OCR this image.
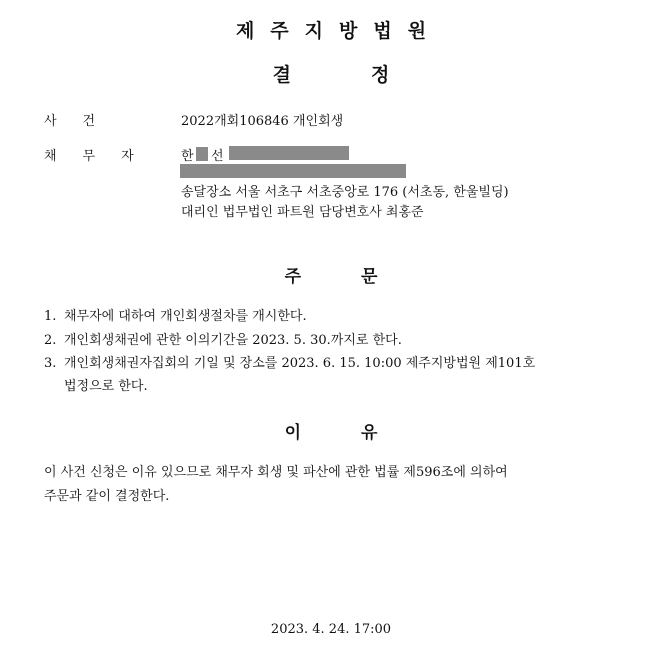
제주지방법원
결정
사건	2022개회106846 개인회생
채무자 한 선
송달장소 서울 서초구 서초중앙로 176 (서초동, 한울빌딩)
대리인 법무법인 파트원 담당변호사 최홍준
주문
1. 채무자에 대하여 개인회생절차를 개시한다.
2. 개인회생채권에 관한 이의기간을 2023. 5. 30.까지로 한다.
3. 개인회생채권자집회의 기일 및 장소를 2023. 6. 15. 10:00 제주지방법원 제101호
법정으로 한다.
이유
이 사건 신청은 이유 있으므로 채무자 회생 및 파산에 관한 법률 제596조에 의하여
주문과 같이 결정한다.
2023. 4. 24. 17:00
